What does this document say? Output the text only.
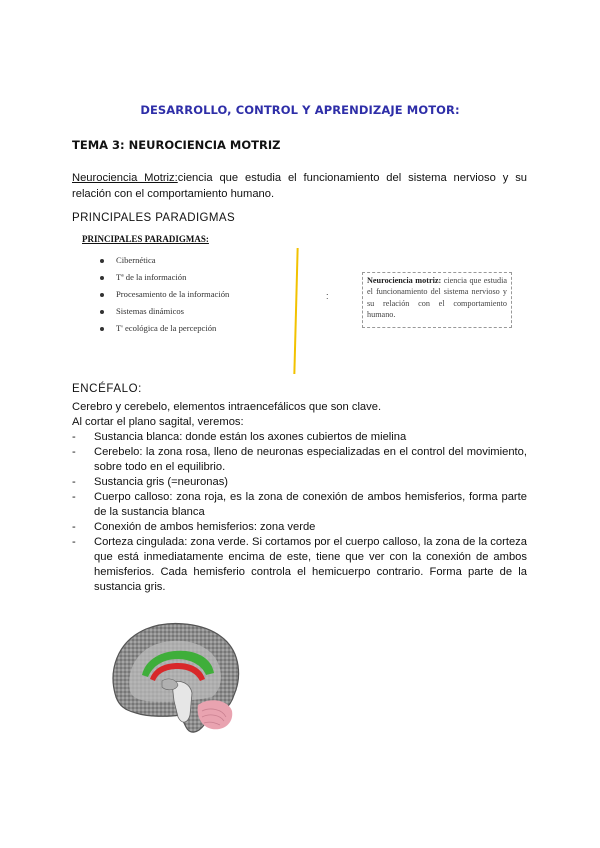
DESARROLLO, CONTROL Y APRENDIZAJE MOTOR:
TEMA 3: NEUROCIENCIA MOTRIZ
Neurociencia Motriz:ciencia que estudia el funcionamiento del sistema nervioso y su relación con el comportamiento humano.
PRINCIPALES PARADIGMAS
PRINCIPALES PARADIGMAS:
Cibernética
Tª de la información
Procesamiento de la información
Sistemas dinámicos
T' ecológica de la percepción
:
Neurociencia motriz: ciencia que estudia el funcionamiento del sistema nervioso y su relación con el comportamiento humano.
ENCÉFALO:
Cerebro y cerebelo, elementos intraencefálicos que son clave.
Al cortar el plano sagital, veremos:
- Sustancia blanca: donde están los axones cubiertos de mielina
- Cerebelo: la zona rosa, lleno de neuronas especializadas en el control del movimiento, sobre todo en el equilibrio.
- Sustancia gris (=neuronas)
- Cuerpo calloso: zona roja, es la zona de conexión de ambos hemisferios, forma parte de la sustancia blanca
- Conexión de ambos hemisferios: zona verde
- Corteza cingulada: zona verde. Si cortamos por el cuerpo calloso, la zona de la corteza que está inmediatamente encima de este, tiene que ver con la conexión de ambos hemisferios. Cada hemisferio controla el hemicuerpo contrario. Forma parte de la sustancia gris.
